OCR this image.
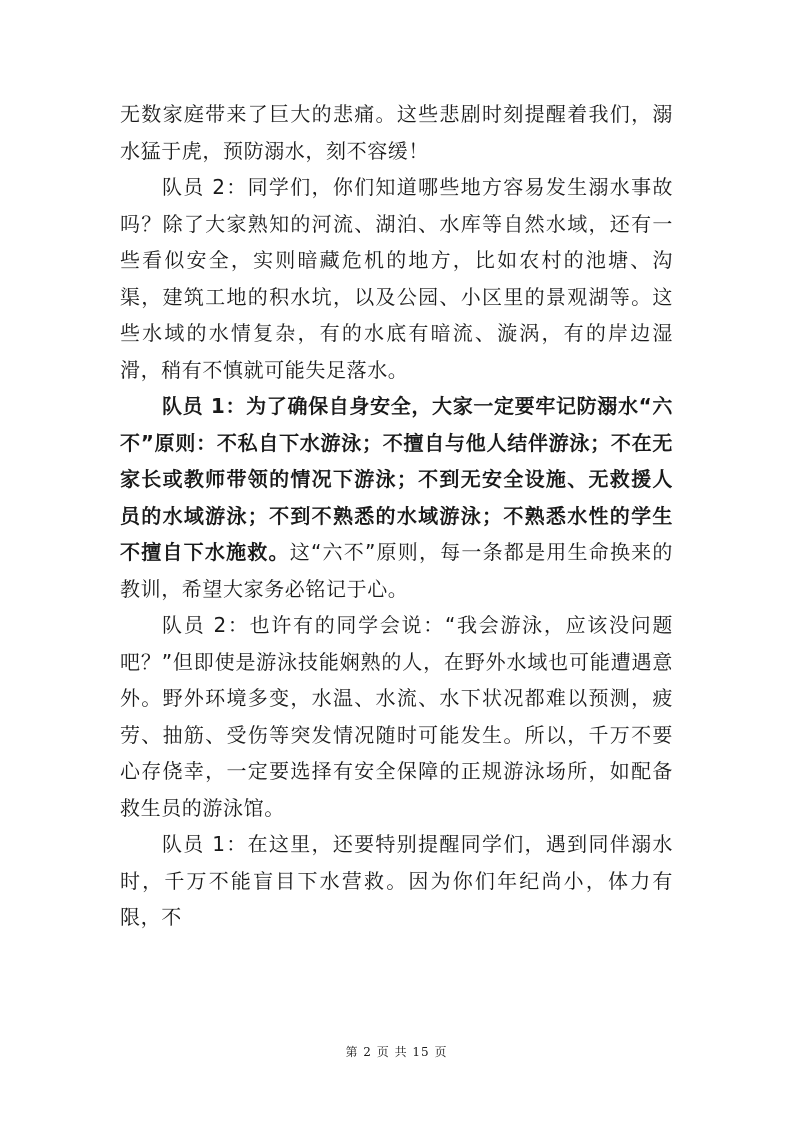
无数家庭带来了巨大的悲痛。这些悲剧时刻提醒着我们，溺水猛于虎，预防溺水，刻不容缓！

队员 2：同学们，你们知道哪些地方容易发生溺水事故吗？除了大家熟知的河流、湖泊、水库等自然水域，还有一些看似安全，实则暗藏危机的地方，比如农村的池塘、沟渠，建筑工地的积水坑，以及公园、小区里的景观湖等。这些水域的水情复杂，有的水底有暗流、漩涡，有的岸边湿滑，稍有不慎就可能失足落水。

队员 1：为了确保自身安全，大家一定要牢记防溺水“六不”原则：不私自下水游泳；不擅自与他人结伴游泳；不在无家长或教师带领的情况下游泳；不到无安全设施、无救援人员的水域游泳；不到不熟悉的水域游泳；不熟悉水性的学生不擅自下水施救。这“六不”原则，每一条都是用生命换来的教训，希望大家务必铭记于心。

队员 2：也许有的同学会说：“我会游泳，应该没问题吧？”但即使是游泳技能娴熟的人，在野外水域也可能遭遇意外。野外环境多变，水温、水流、水下状况都难以预测，疲劳、抽筋、受伤等突发情况随时可能发生。所以，千万不要心存侥幸，一定要选择有安全保障的正规游泳场所，如配备救生员的游泳馆。

队员 1：在这里，还要特别提醒同学们，遇到同伴溺水时，千万不能盲目下水营救。因为你们年纪尚小，体力有限，不

第 2 页 共 15 页
